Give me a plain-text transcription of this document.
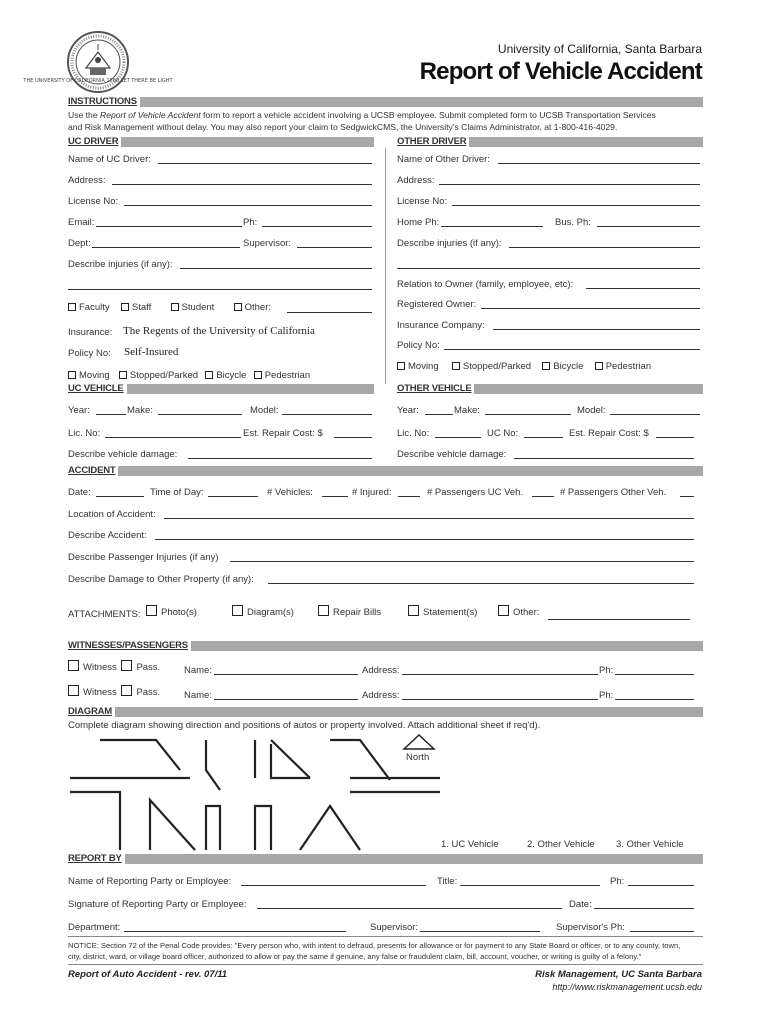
THE UNIVERSITY OF CALIFORNIA 1868 LET THERE BE LIGHT
University of California, Santa Barbara
Report of Vehicle Accident
INSTRUCTIONS
Use the Report of Vehicle Accident form to report a vehicle accident involving a UCSB employee. Submit completed form to UCSB Transportation Services
and Risk Management without delay. You may also report your claim to SedgwickCMS, the University's Claims Administrator, at 1-800-416-4029.
UC DRIVER	OTHER DRIVER
Name of UC Driver:
Address:
License No:
Email:	Ph:
Dept:	Supervisor:
Describe injuries (if any):
Faculty Staff	Student	Other:
Insurance: The Regents of the University of California
Policy No: Self-Insured
Moving Stopped/Parked Bicycle Pedestrian
Name of Other Driver:
Address:
License No:
Home Ph:	Bus. Ph:
Describe injuries (if any):
Relation to Owner (family, employee, etc):
Registered Owner:
Insurance Company:
Policy No:
Moving	Stopped/Parked Bicycle Pedestrian
UC VEHICLE	OTHER VEHICLE
Year:	Make:	Model:
Lic. No:	Est. Repair Cost: $
Describe vehicle damage:
Year:	Make:	Model:
Lic. No:	UC No:	Est. Repair Cost: $
Describe vehicle damage:
ACCIDENT
Date:	Time of Day:	# Vehicles:	# Injured:	# Passengers UC Veh.	# Passengers Other Veh.
Location of Accident:
Describe Accident:
Describe Passenger Injuries (if any)
Describe Damage to Other Property (if any):
ATTACHMENTS:	Photo(s)	Diagram(s)	Repair Bills	Statement(s)	Other:
WITNESSES/PASSENGERS
Witness Pass.	Name:	Address:	Ph:
Witness Pass.	Name:	Address:	Ph:
DIAGRAM
Complete diagram showing direction and positions of autos or property involved. Attach additional sheet if req'd).
North
1. UC Vehicle	2. Other Vehicle 3. Other Vehicle
REPORT BY
Name of Reporting Party or Employee:	Title:	Ph:
Signature of Reporting Party or Employee:	Date:
Department:	Supervisor:	Supervisor's Ph:
NOTICE: Section 72 of the Penal Code provides: "Every person who, with intent to defraud, presents for allowance or for payment to any State Board or officer, or to any county, town,
city, district, ward, or village board officer, authorized to allow or pay the same if genuine, any false or fraudulent claim, bill, account, voucher, or writing is guilty of a felony."
Report of Auto Accident - rev. 07/11	Risk Management, UC Santa Barbara
http://www.riskmanagement.ucsb.edu
